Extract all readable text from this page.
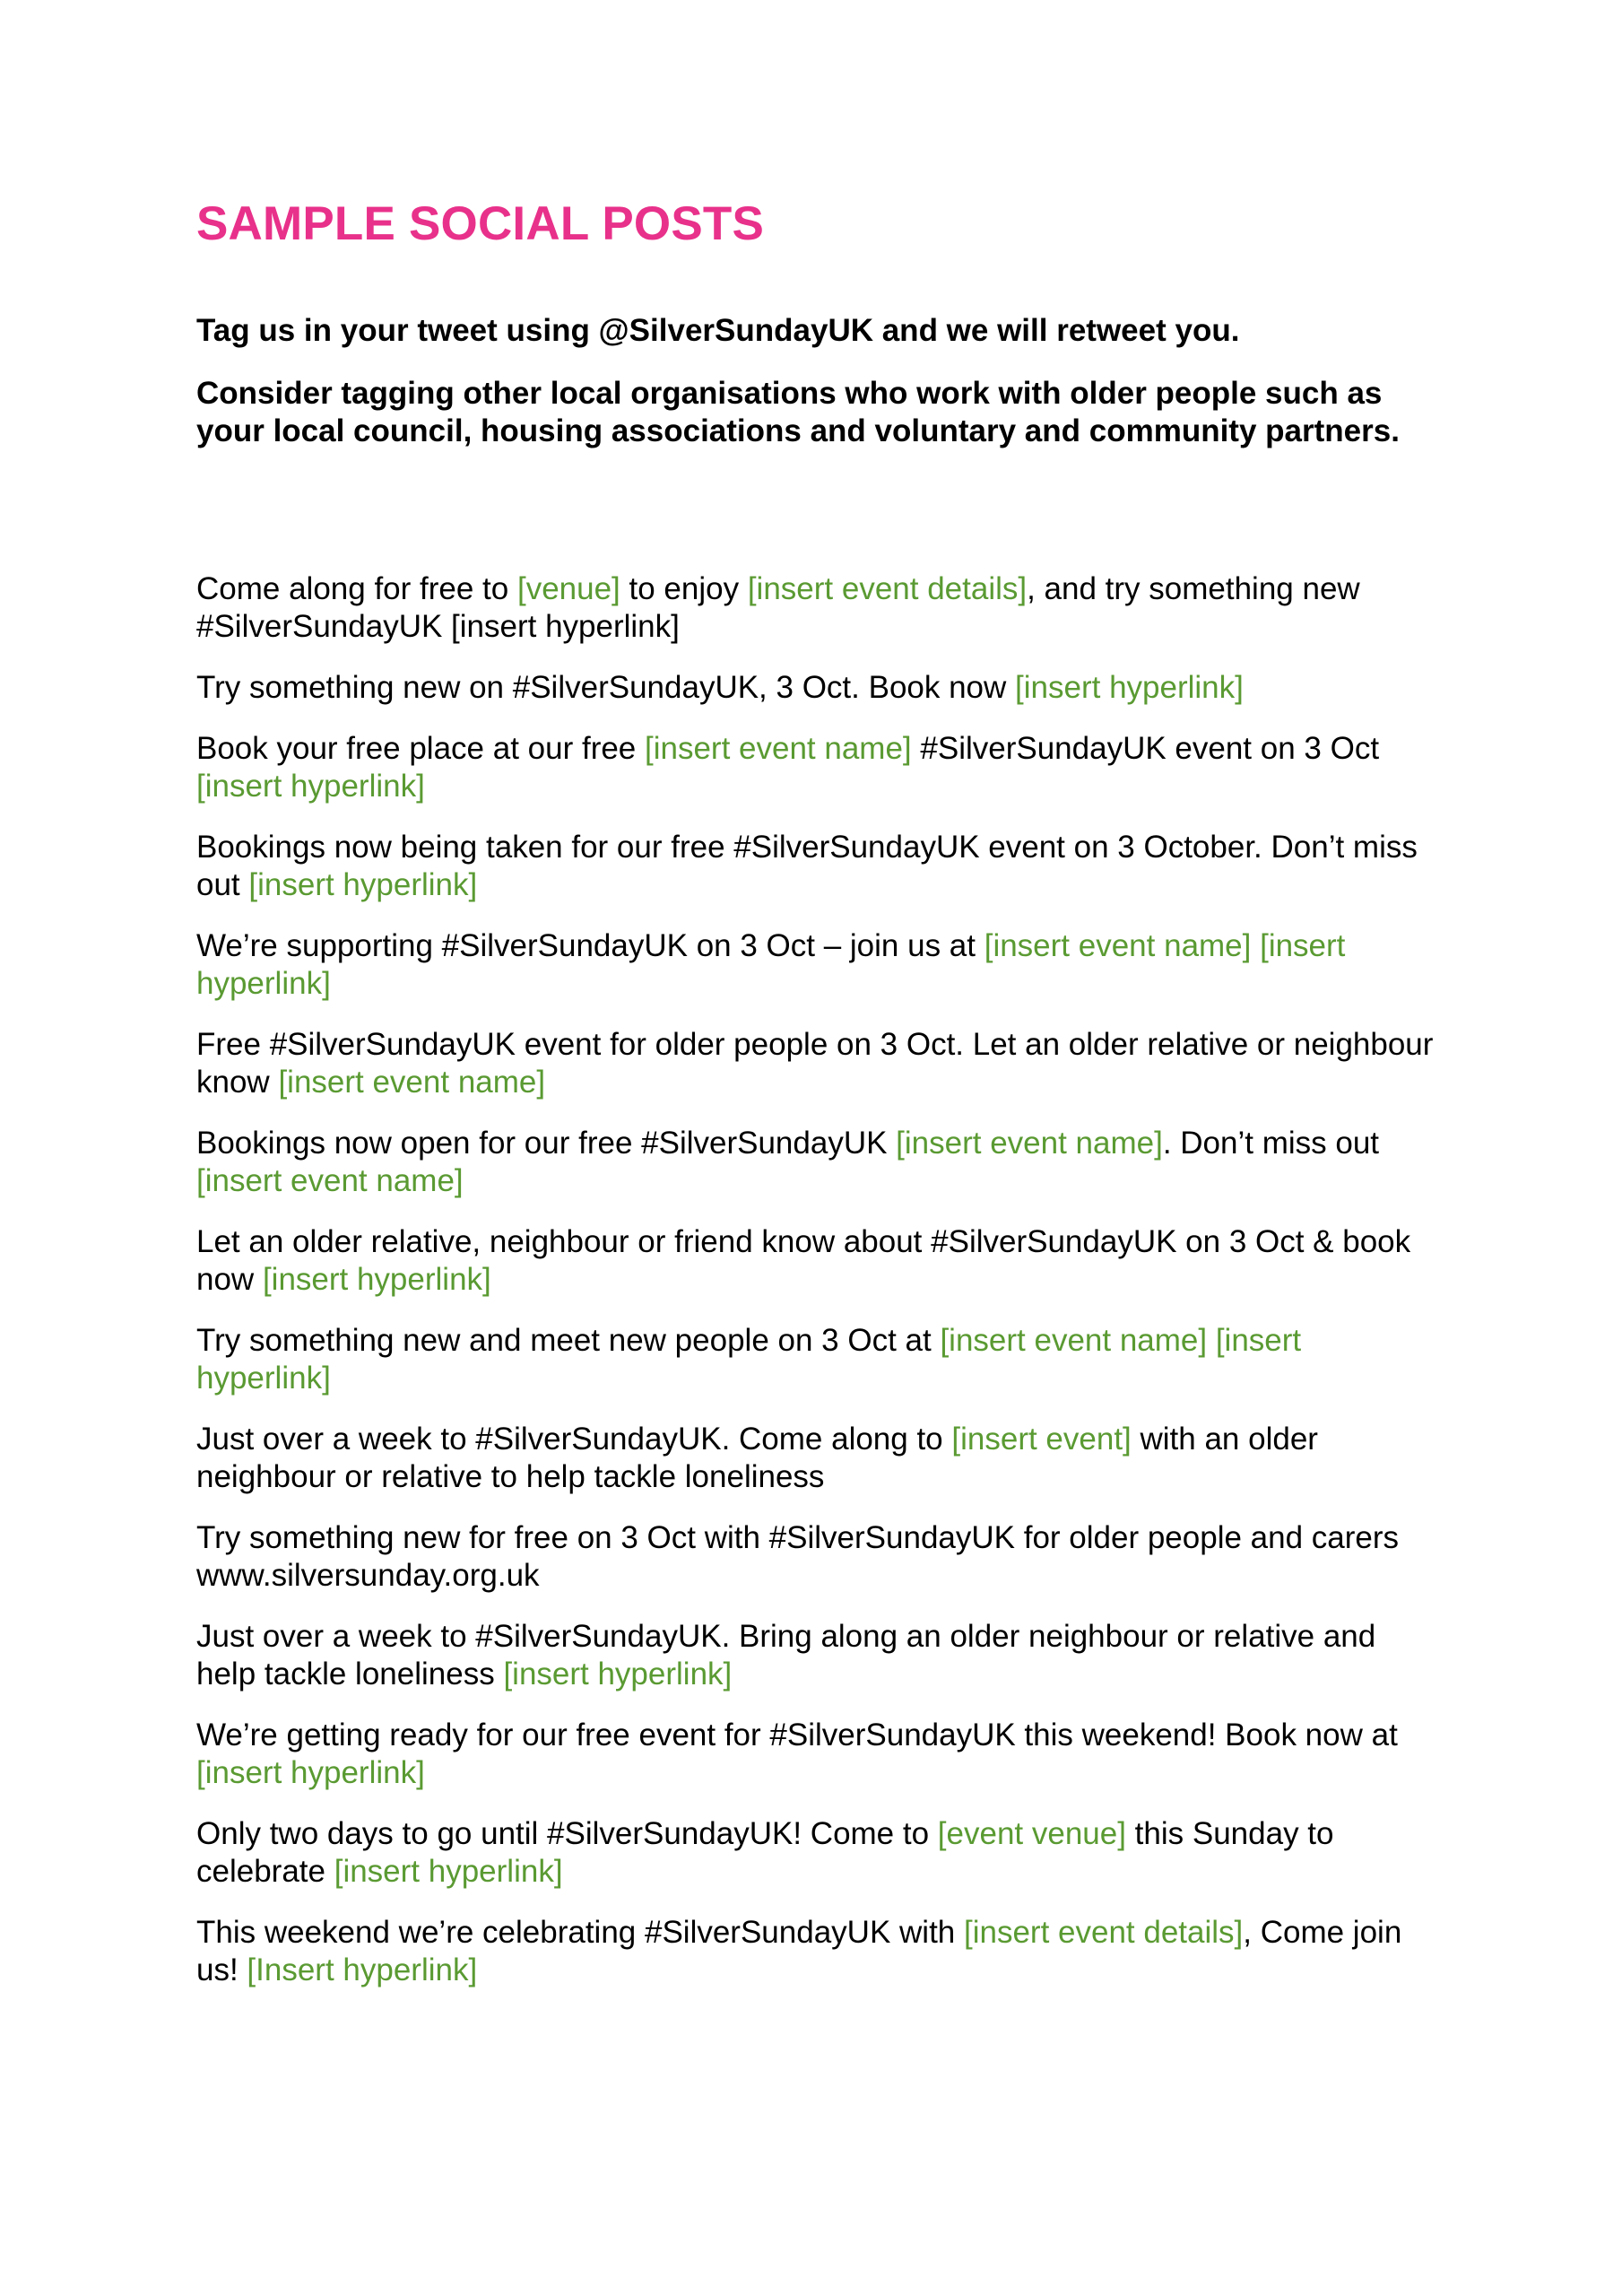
SAMPLE SOCIAL POSTS

Tag us in your tweet using @SilverSundayUK and we will retweet you.

Consider tagging other local organisations who work with older people such as your local council, housing associations and voluntary and community partners.

Come along for free to [venue] to enjoy [insert event details], and try something new #SilverSundayUK [insert hyperlink]
Try something new on #SilverSundayUK, 3 Oct. Book now [insert hyperlink]
Book your free place at our free [insert event name] #SilverSundayUK event on 3 Oct [insert hyperlink]
Bookings now being taken for our free #SilverSundayUK event on 3 October. Don’t miss out [insert hyperlink]
We’re supporting #SilverSundayUK on 3 Oct – join us at [insert event name] [insert hyperlink]
Free #SilverSundayUK event for older people on 3 Oct. Let an older relative or neighbour know [insert event name]
Bookings now open for our free #SilverSundayUK [insert event name]. Don’t miss out [insert event name]
Let an older relative, neighbour or friend know about #SilverSundayUK on 3 Oct & book now [insert hyperlink]
Try something new and meet new people on 3 Oct at [insert event name] [insert hyperlink]
Just over a week to #SilverSundayUK. Come along to [insert event] with an older neighbour or relative to help tackle loneliness
Try something new for free on 3 Oct with #SilverSundayUK for older people and carers www.silversunday.org.uk
Just over a week to #SilverSundayUK. Bring along an older neighbour or relative and help tackle loneliness [insert hyperlink]
We’re getting ready for our free event for #SilverSundayUK this weekend! Book now at [insert hyperlink]
Only two days to go until #SilverSundayUK! Come to [event venue] this Sunday to celebrate [insert hyperlink]
This weekend we’re celebrating #SilverSundayUK with [insert event details], Come join us! [Insert hyperlink]
